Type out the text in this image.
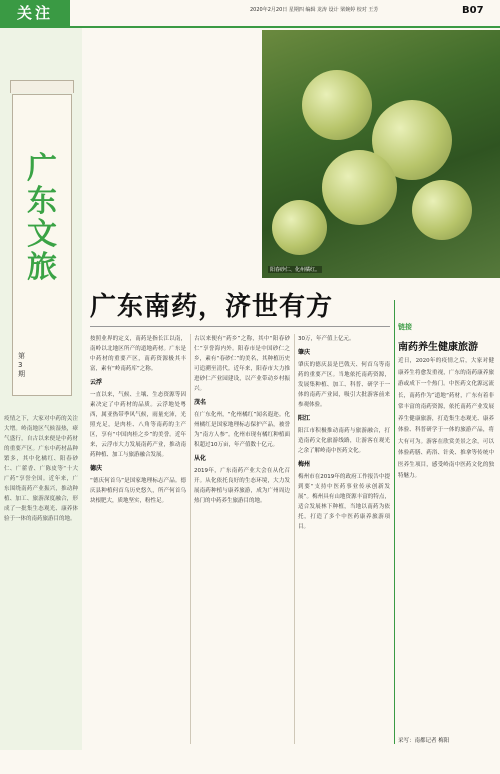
关注	2020年2月20日 星期四 编辑 龙涛 设计 梁婉婷 校对 王芳	B07
广东文旅
第3期
疫情之下，大家对中药的关注大增。岭南地区气候湿热，瘴气盛行，自古以来便是中药材的重要产区。广东中药材品种繁多，其中化橘红、阳春砂仁、广藿香、广陈皮等“十大广药”享誉全国。近年来，广东围绕南药产业振兴，推动种植、加工、旅游深度融合，形成了一批集生态观光、康养体验于一体的南药旅游目的地。
阳春砂仁、化州橘红。
广东南药，济世有方
按照业界的定义，南药是指长江以南，南岭以北地区所产的道地药材。广东是中药材的重要产区，南药资源极其丰富，素有“岭南药库”之称。
云浮
一直以来，气候、土壤、生态资源等因素决定了中药材的品质。云浮地处粤西，属亚热带季风气候，雨量充沛，光照充足，是肉桂、八角等南药的主产区，享有“中国肉桂之乡”的美誉。近年来，云浮市大力发展南药产业，推动南药种植、加工与旅游融合发展。
德庆
“德庆何首乌”是国家地理标志产品。德庆县种植何首乌历史悠久，所产何首乌块根肥大，质地坚实，粉性足。
古以来便有“药乡”之称，其中“阳春砂仁”享誉海内外。阳春市是中国砂仁之乡，素有“春砂仁”的美名，其种植历史可追溯至清代。近年来，阳春市大力推进砂仁产业园建设，以产业带动乡村振兴。
茂名
在广东化州，“化州橘红”闻名遐迩。化州橘红是国家地理标志保护产品，被誉为“南方人参”。化州市现有橘红种植面积超过10万亩，年产值数十亿元。
从化
2019年，广东南药产业大会在从化召开。从化依托良好的生态环境，大力发展南药种植与康养旅游，成为广州周边热门的中药养生旅游目的地。
30万，年产值上亿元。
肇庆
肇庆的德庆县是巴戟天、何首乌等南药的重要产区。当地依托南药资源，发展集种植、加工、科普、研学于一体的南药产业园，吸引大批游客前来参观体验。
阳江
阳江市积极推动南药与旅游融合，打造南药文化旅游线路，让游客在观光之余了解岭南中医药文化。
梅州
梅州市在2019年的政府工作报告中提到要“支持中医药事业传承创新发展”。梅州具有山地资源丰富的特点，适合发展林下种植，当地以南药为依托，打造了多个中医药康养旅游项目。
链接
南药养生健康旅游
近日，2020年的疫情之后，大家对健康养生将愈发重视，广东的南药康养旅游或成下一个热门。中医药文化源远流长，南药作为“道地”药材，广东有着非常丰富的南药资源，依托南药产业发展养生健康旅游，打造集生态观光、康养体验、科普研学于一体的旅游产品，将大有可为。游客在欣赏美景之余，可以体验药膳、药浴、针灸、推拿等传统中医养生项目，感受岭南中医药文化的独特魅力。
采写：南都记者 梅阳
